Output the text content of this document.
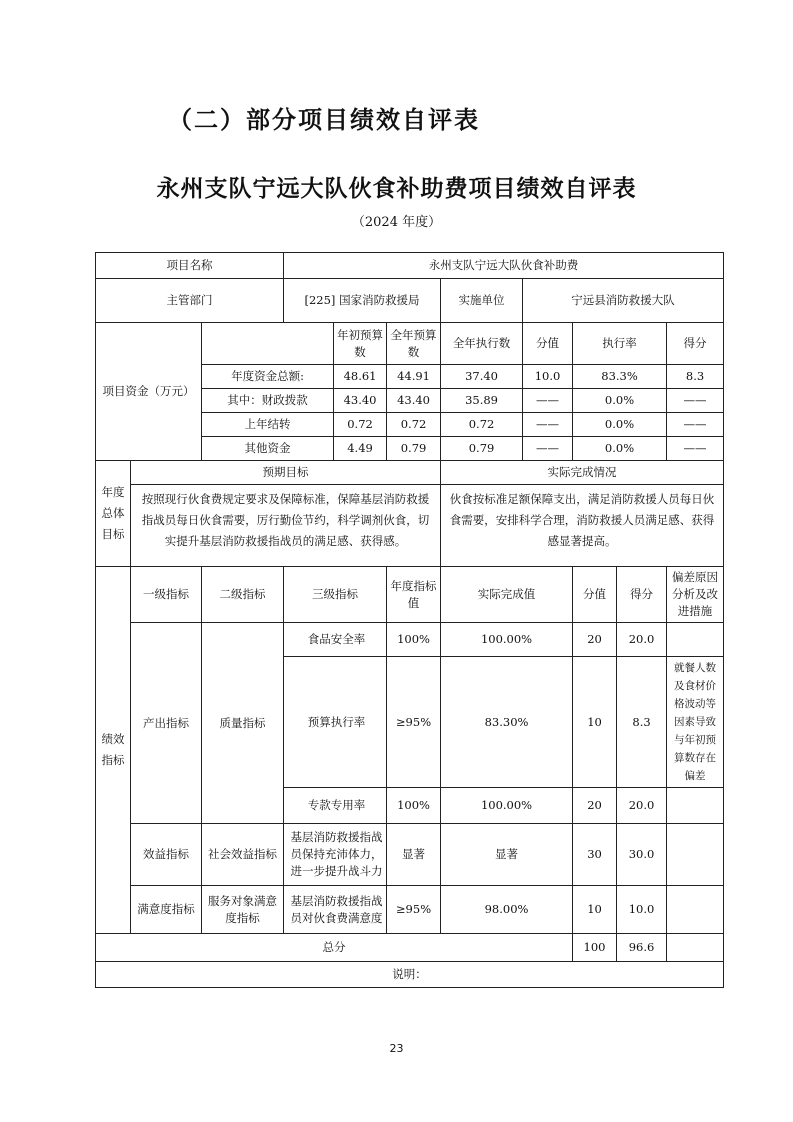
（二）部分项目绩效自评表
永州支队宁远大队伙食补助费项目绩效自评表
（2024 年度）
项目名称			永州支队宁远大队伙食补助费							
主管部门			[225] 国家消防救援局			实施单位	宁远县消防救援大队			
项目资金（万元）				年初预算数	全年预算数	全年执行数	分值	执行率		得分
		年度资金总额:		48.61	44.91	37.40	10.0	83.3%		8.3
		其中：财政拨款		43.40	43.40	35.89	——	0.0%		——
		上年结转		0.72	0.72	0.72	——	0.0%		——
		其他资金		4.49	0.79	0.79	——	0.0%		——
年度总体目标	预期目标					实际完成情况				
	按照现行伙食费规定要求及保障标准，保障基层消防救援指战员每日伙食需要，厉行勤俭节约，科学调剂伙食，切实提升基层消防救援指战员的满足感、获得感。					伙食按标准足额保障支出，满足消防救援人员每日伙食需要，安排科学合理，消防救援人员满足感、获得感显著提高。				
绩效指标	一级指标	二级指标	三级指标		年度指标值	实际完成值		分值	得分	偏差原因分析及改进措施
	产出指标	质量指标	食品安全率		100%	100.00%		20	20.0	
			预算执行率		≥95%	83.30%		10	8.3	就餐人数及食材价格波动等因素导致与年初预算数存在偏差
			专款专用率		100%	100.00%		20	20.0	
	效益指标	社会效益指标	基层消防救援指战员保持充沛体力，进一步提升战斗力		显著	显著		30	30.0	
	满意度指标	服务对象满意度指标	基层消防救援指战员对伙食费满意度		≥95%	98.00%		10	10.0	
总分								100	96.6	
说明：										
23
